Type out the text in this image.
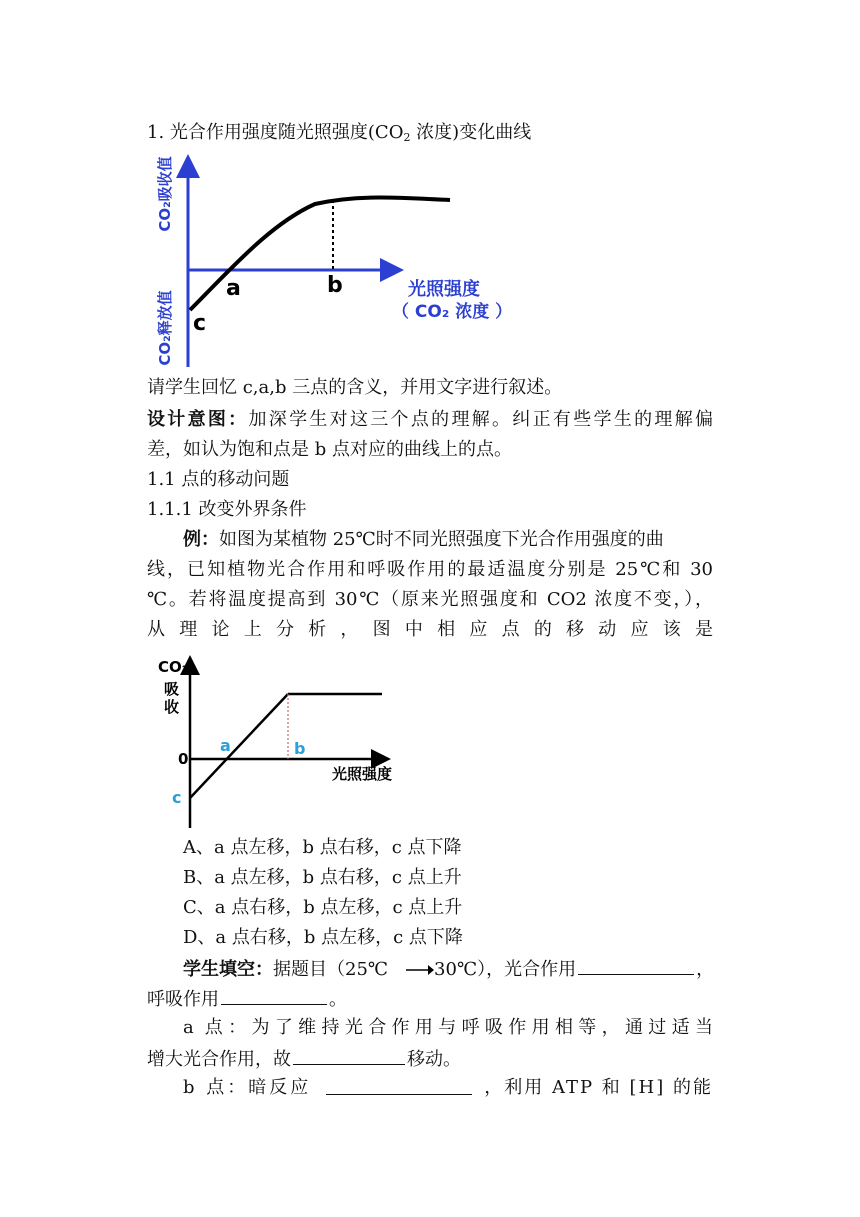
1. 光合作用强度随光照强度($CO_2$ 浓度)变化曲线
CO₂吸收值
CO₂释放值
a	b
c
光照强度
（ CO₂ 浓度 ）
请学生回忆 c,a,b 三点的含义，并用文字进行叙述。
设计意图：加深学生对这三个点的理解。纠正有些学生的理解偏
差，如认为饱和点是 b 点对应的曲线上的点。
1.1 点的移动问题
1.1.1 改变外界条件
例：如图为某植物 25℃时不同光照强度下光合作用强度的曲
线，已知植物光合作用和呼吸作用的最适温度分别是 25℃和 30
℃。若将温度提高到 30℃（原来光照强度和 CO2 浓度不变，），
从 理 论 上 分 析 ， 图 中 相 应 点 的 移 动 应 该 是
CO₂
吸
收
0
a	b
c
光照强度
A、a 点左移，b 点右移，c 点下降
B、a 点左移，b 点右移，c 点上升
C、a 点右移，b 点左移，c 点上升
D、a 点右移，b 点左移，c 点下降
学生填空：据题目（25℃	30℃），光合作用	，
呼吸作用	。
a 点：为了维持光合作用与呼吸作用相等，通过适当
增大光合作用，故	移动。
b 点：暗反应	，利用 ATP 和 [H] 的能
